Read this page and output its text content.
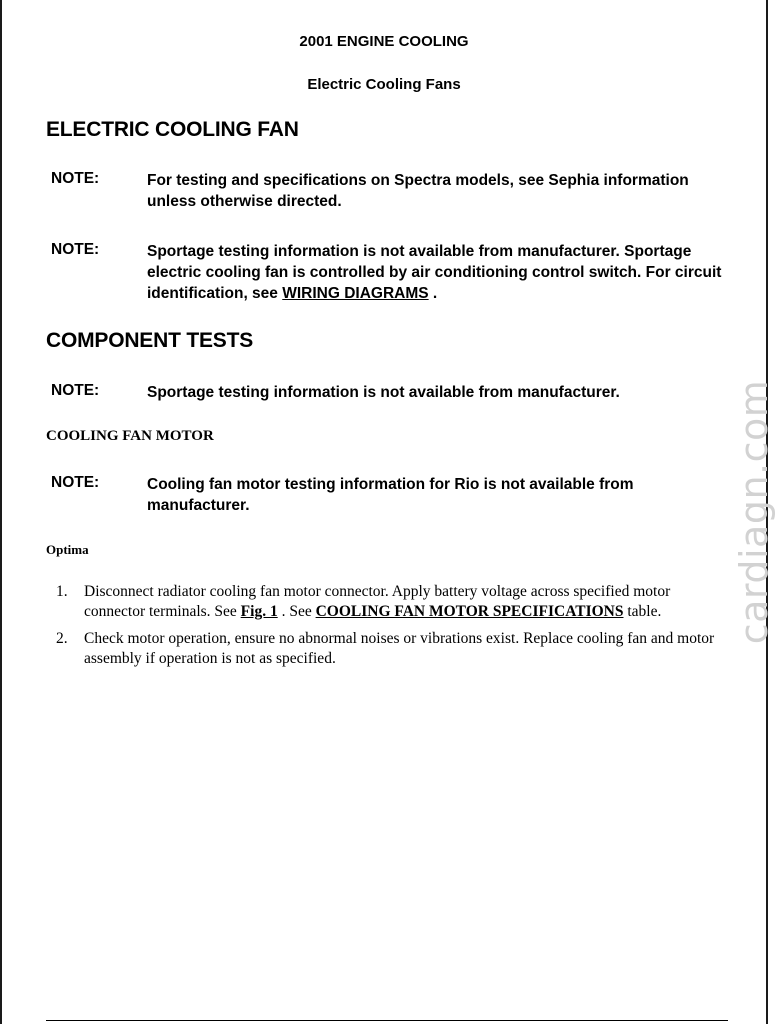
2001 ENGINE COOLING
Electric Cooling Fans
ELECTRIC COOLING FAN
NOTE:	For testing and specifications on Spectra models, see Sephia information unless otherwise directed.
NOTE:	Sportage testing information is not available from manufacturer. Sportage electric cooling fan is controlled by air conditioning control switch. For circuit identification, see WIRING DIAGRAMS .
COMPONENT TESTS
NOTE:	Sportage testing information is not available from manufacturer.
COOLING FAN MOTOR
NOTE:	Cooling fan motor testing information for Rio is not available from manufacturer.
Optima
1.	Disconnect radiator cooling fan motor connector. Apply battery voltage across specified motor connector terminals. See Fig. 1 . See COOLING FAN MOTOR SPECIFICATIONS table.
2.	Check motor operation, ensure no abnormal noises or vibrations exist. Replace cooling fan and motor assembly if operation is not as specified.
cardiagn.com
